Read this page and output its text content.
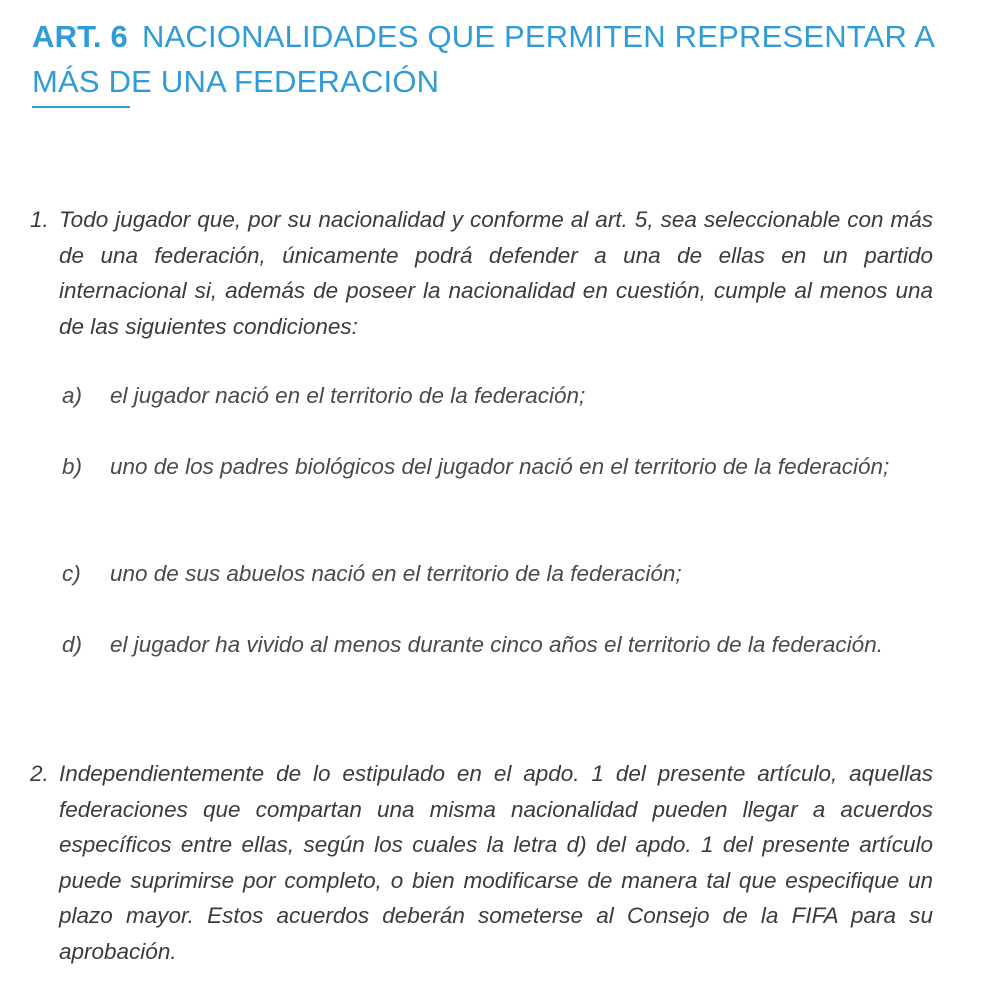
ART. 6 NACIONALIDADES QUE PERMITEN REPRESENTAR A MÁS DE UNA FEDERACIÓN
1. Todo jugador que, por su nacionalidad y conforme al art. 5, sea seleccionable con más de una federación, únicamente podrá defender a una de ellas en un partido internacional si, además de poseer la nacionalidad en cuestión, cumple al menos una de las siguientes condiciones:
a) el jugador nació en el territorio de la federación;
b) uno de los padres biológicos del jugador nació en el territorio de la federación;
c) uno de sus abuelos nació en el territorio de la federación;
d) el jugador ha vivido al menos durante cinco años el territorio de la federación.
2. Independientemente de lo estipulado en el apdo. 1 del presente artículo, aquellas federaciones que compartan una misma nacionalidad pueden llegar a acuerdos específicos entre ellas, según los cuales la letra d) del apdo. 1 del presente artículo puede suprimirse por completo, o bien modificarse de manera tal que especifique un plazo mayor. Estos acuerdos deberán someterse al Consejo de la FIFA para su aprobación.
